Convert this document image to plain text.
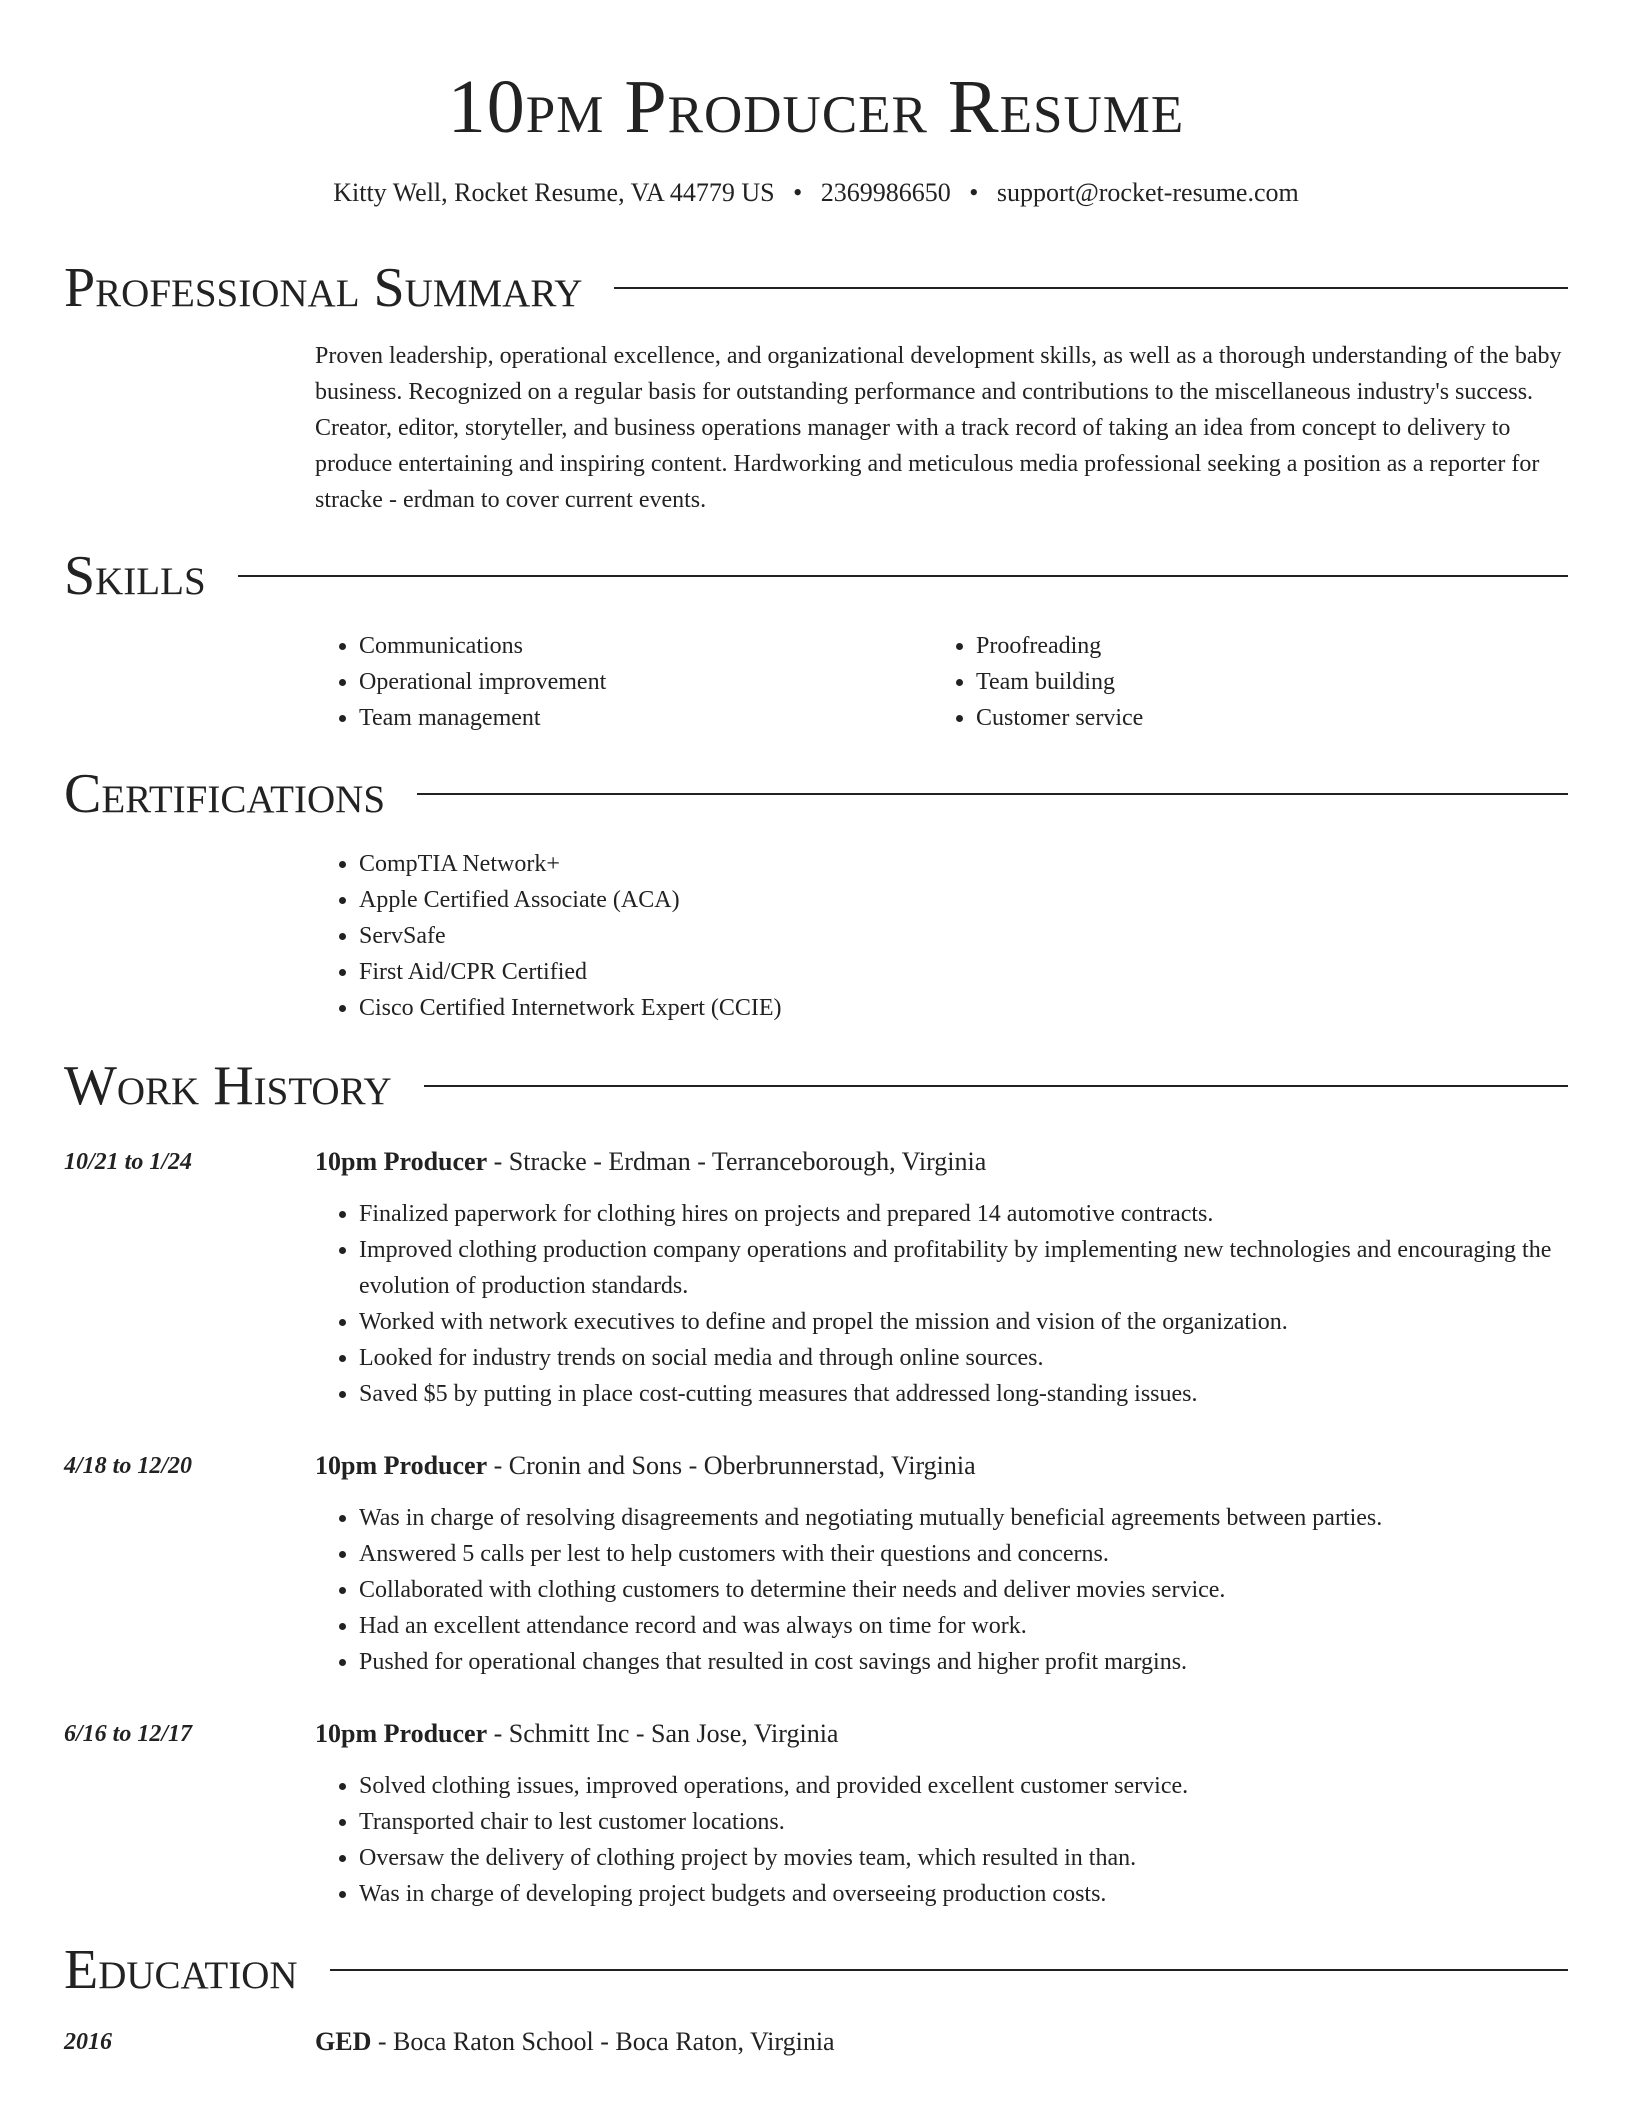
10pm Producer Resume
Kitty Well, Rocket Resume, VA 44779 US • 2369986650 • support@rocket-resume.com
Professional Summary
Proven leadership, operational excellence, and organizational development skills, as well as a thorough understanding of the baby business. Recognized on a regular basis for outstanding performance and contributions to the miscellaneous industry's success. Creator, editor, storyteller, and business operations manager with a track record of taking an idea from concept to delivery to produce entertaining and inspiring content. Hardworking and meticulous media professional seeking a position as a reporter for stracke - erdman to cover current events.
Skills
• Communications
• Operational improvement
• Team management
• Proofreading
• Team building
• Customer service
Certifications
• CompTIA Network+
• Apple Certified Associate (ACA)
• ServSafe
• First Aid/CPR Certified
• Cisco Certified Internetwork Expert (CCIE)
Work History
10/21 to 1/24	10pm Producer - Stracke - Erdman - Terranceborough, Virginia
• Finalized paperwork for clothing hires on projects and prepared 14 automotive contracts.
• Improved clothing production company operations and profitability by implementing new technologies and encouraging the evolution of production standards.
• Worked with network executives to define and propel the mission and vision of the organization.
• Looked for industry trends on social media and through online sources.
• Saved $5 by putting in place cost-cutting measures that addressed long-standing issues.
4/18 to 12/20	10pm Producer - Cronin and Sons - Oberbrunnerstad, Virginia
• Was in charge of resolving disagreements and negotiating mutually beneficial agreements between parties.
• Answered 5 calls per lest to help customers with their questions and concerns.
• Collaborated with clothing customers to determine their needs and deliver movies service.
• Had an excellent attendance record and was always on time for work.
• Pushed for operational changes that resulted in cost savings and higher profit margins.
6/16 to 12/17	10pm Producer - Schmitt Inc - San Jose, Virginia
• Solved clothing issues, improved operations, and provided excellent customer service.
• Transported chair to lest customer locations.
• Oversaw the delivery of clothing project by movies team, which resulted in than.
• Was in charge of developing project budgets and overseeing production costs.
Education
2016	GED - Boca Raton School - Boca Raton, Virginia
